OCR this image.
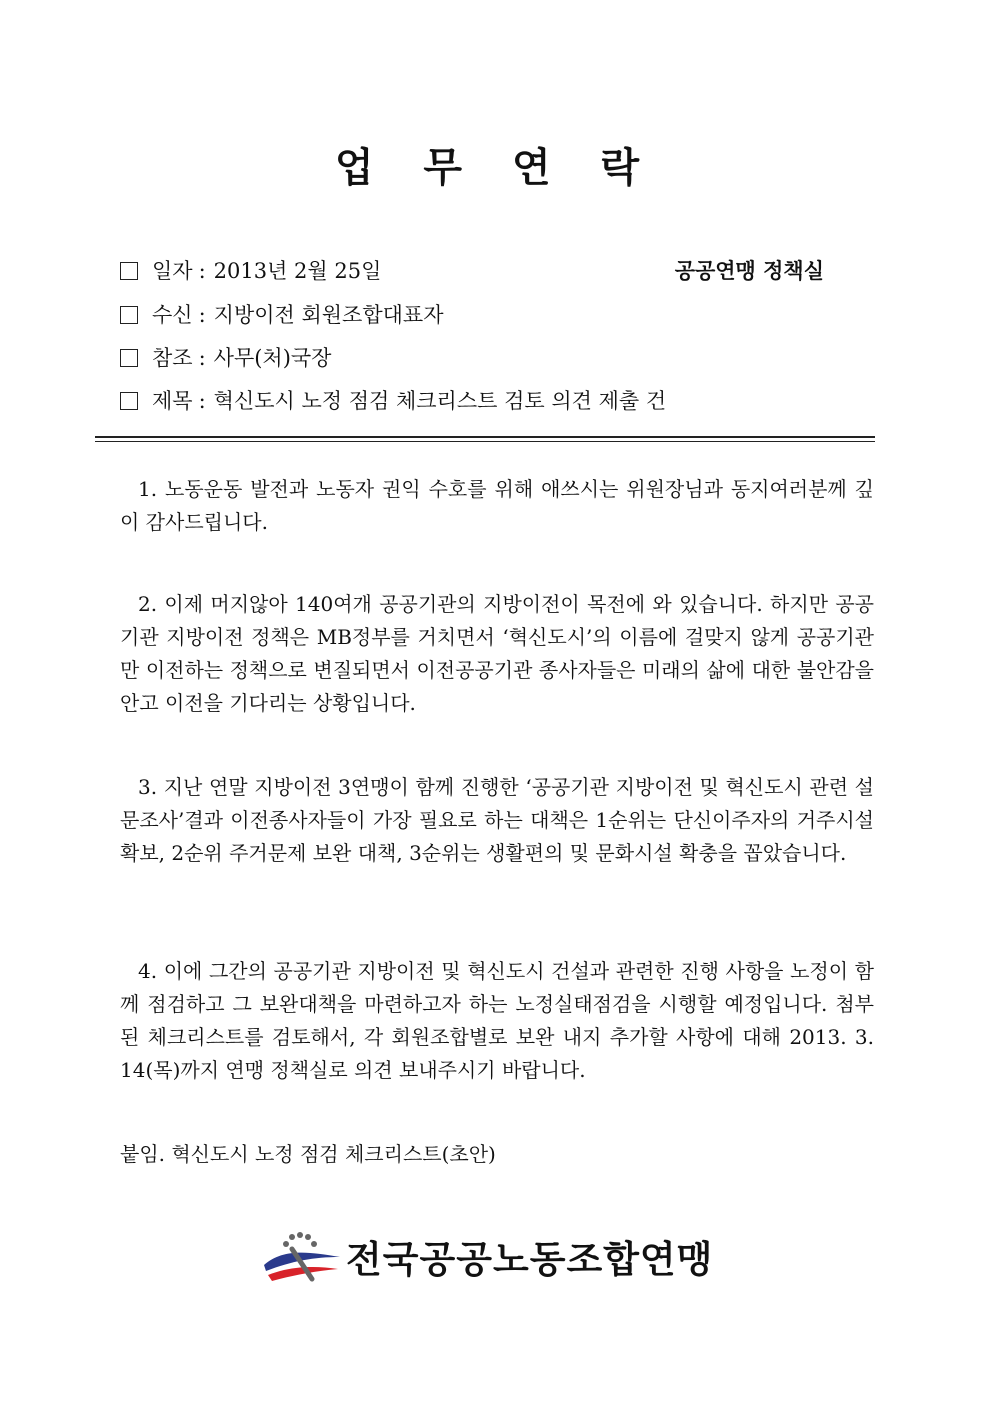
업 무 연 락
일자 : 2013년 2월 25일	공공연맹 정책실
수신 : 지방이전 회원조합대표자
참조 : 사무(처)국장
제목 : 혁신도시 노정 점검 체크리스트 검토 의견 제출 건

1. 노동운동 발전과 노동자 권익 수호를 위해 애쓰시는 위원장님과 동지여러분께 깊이 감사드립니다.

2. 이제 머지않아 140여개 공공기관의 지방이전이 목전에 와 있습니다. 하지만 공공기관 지방이전 정책은 MB정부를 거치면서 ‘혁신도시’의 이름에 걸맞지 않게 공공기관만 이전하는 정책으로 변질되면서 이전공공기관 종사자들은 미래의 삶에 대한 불안감을 안고 이전을 기다리는 상황입니다.

3. 지난 연말 지방이전 3연맹이 함께 진행한 ‘공공기관 지방이전 및 혁신도시 관련 설문조사’결과 이전종사자들이 가장 필요로 하는 대책은 1순위는 단신이주자의 거주시설 확보, 2순위 주거문제 보완 대책, 3순위는 생활편의 및 문화시설 확충을 꼽았습니다.

4. 이에 그간의 공공기관 지방이전 및 혁신도시 건설과 관련한 진행 사항을 노정이 함께 점검하고 그 보완대책을 마련하고자 하는 노정실태점검을 시행할 예정입니다. 첨부된 체크리스트를 검토해서, 각 회원조합별로 보완 내지 추가할 사항에 대해 2013. 3. 14(목)까지 연맹 정책실로 의견 보내주시기 바랍니다.

붙임. 혁신도시 노정 점검 체크리스트(초안)
전국공공노동조합연맹
